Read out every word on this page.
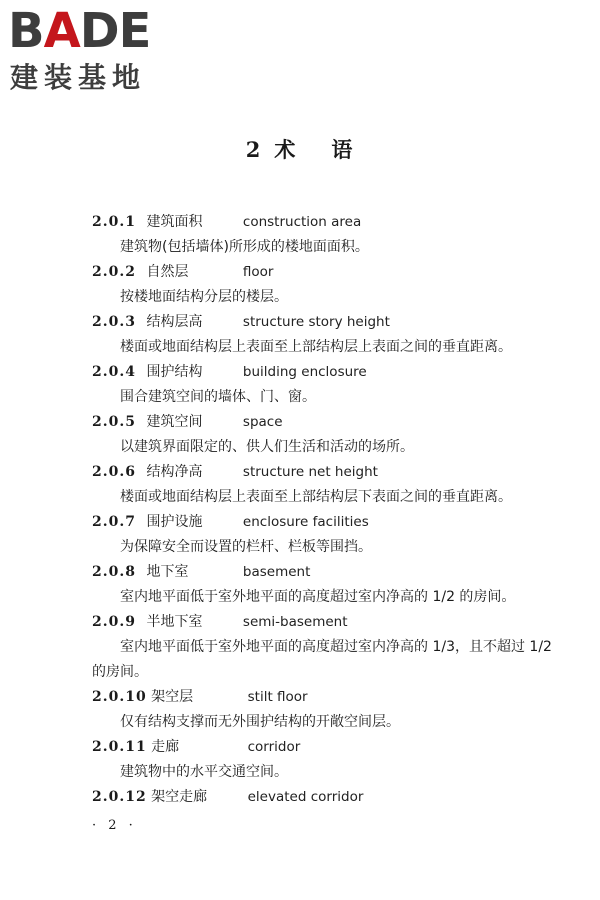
BADE
建装基地
2 术 语
2.0.1 建筑面积	construction area
建筑物(包括墙体)所形成的楼地面面积。
2.0.2 自然层	floor
按楼地面结构分层的楼层。
2.0.3 结构层高	structure story height
楼面或地面结构层上表面至上部结构层上表面之间的垂直距离。
2.0.4 围护结构	building enclosure
围合建筑空间的墙体、门、窗。
2.0.5 建筑空间	space
以建筑界面限定的、供人们生活和活动的场所。
2.0.6 结构净高	structure net height
楼面或地面结构层上表面至上部结构层下表面之间的垂直距离。
2.0.7 围护设施	enclosure facilities
为保障安全而设置的栏杆、栏板等围挡。
2.0.8 地下室	basement
室内地平面低于室外地平面的高度超过室内净高的 1/2 的房间。
2.0.9 半地下室	semi-basement
室内地平面低于室外地平面的高度超过室内净高的 1/3，且不超过 1/2 的房间。
2.0.10 架空层	stilt floor
仅有结构支撑而无外围护结构的开敞空间层。
2.0.11 走廊	corridor
建筑物中的水平交通空间。
2.0.12 架空走廊	elevated corridor
· 2 ·
